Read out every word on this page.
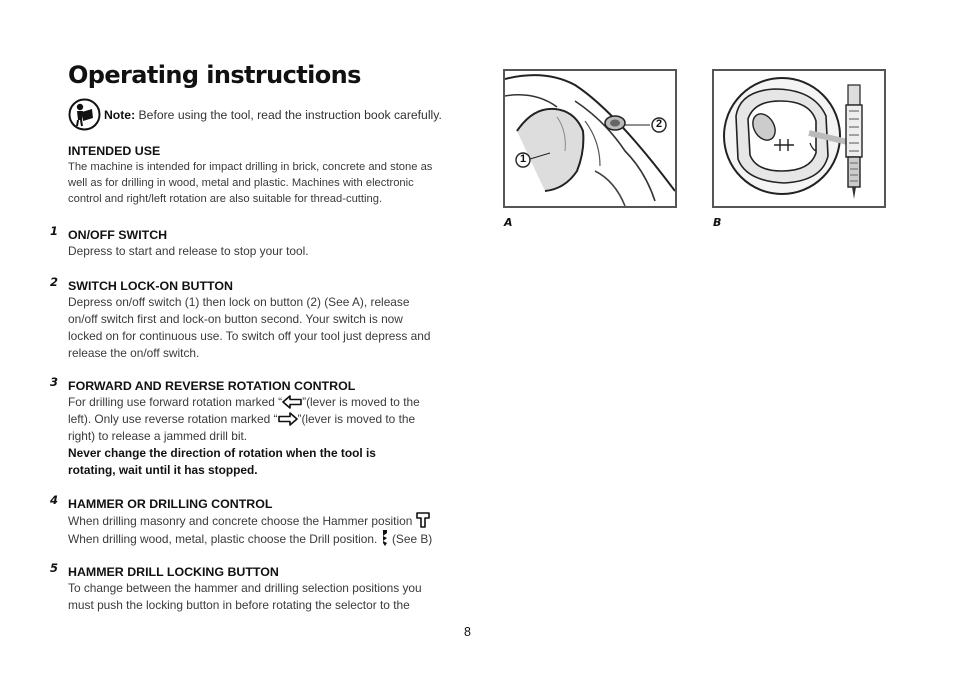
Operating instructions
Note: Before using the tool, read the instruction book carefully.
INTENDED USE
The machine is intended for impact drilling in brick, concrete and stone as
well as for drilling in wood, metal and plastic. Machines with electronic
control and right/left rotation are also suitable for thread-cutting.
1 ON/OFF SWITCH
Depress to start and release to stop your tool.
2 SWITCH LOCK-ON BUTTON
Depress on/off switch (1) then lock on button (2) (See A), release
on/off switch first and lock-on button second. Your switch is now
locked on for continuous use. To switch off your tool just depress and
release the on/off switch.
3 FORWARD AND REVERSE ROTATION CONTROL
For drilling use forward rotation marked “ ”(lever is moved to the
left). Only use reverse rotation marked “ ”(lever is moved to the
right) to release a jammed drill bit.
Never change the direction of rotation when the tool is
rotating, wait until it has stopped.
4 HAMMER OR DRILLING CONTROL
When drilling masonry and concrete choose the Hammer position
When drilling wood, metal, plastic choose the Drill position. (See B)
5 HAMMER DRILL LOCKING BUTTON
To change between the hammer and drilling selection positions you
must push the locking button in before rotating the selector to the
2
1
A	B
8
